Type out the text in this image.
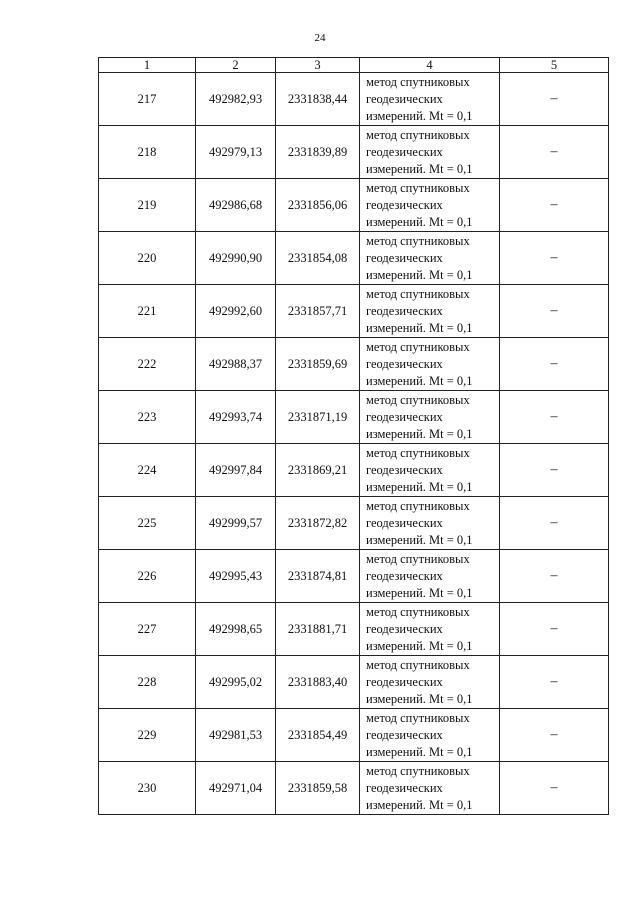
24
1	2	3	4	5
217	492982,93	2331838,44	метод спутниковых
геодезических
измерений. Mt = 0,1	–
218	492979,13	2331839,89	метод спутниковых
геодезических
измерений. Mt = 0,1	–
219	492986,68	2331856,06	метод спутниковых
геодезических
измерений. Mt = 0,1	–
220	492990,90	2331854,08	метод спутниковых
геодезических
измерений. Mt = 0,1	–
221	492992,60	2331857,71	метод спутниковых
геодезических
измерений. Mt = 0,1	–
222	492988,37	2331859,69	метод спутниковых
геодезических
измерений. Mt = 0,1	–
223	492993,74	2331871,19	метод спутниковых
геодезических
измерений. Mt = 0,1	–
224	492997,84	2331869,21	метод спутниковых
геодезических
измерений. Mt = 0,1	–
225	492999,57	2331872,82	метод спутниковых
геодезических
измерений. Mt = 0,1	–
226	492995,43	2331874,81	метод спутниковых
геодезических
измерений. Mt = 0,1	–
227	492998,65	2331881,71	метод спутниковых
геодезических
измерений. Mt = 0,1	–
228	492995,02	2331883,40	метод спутниковых
геодезических
измерений. Mt = 0,1	–
229	492981,53	2331854,49	метод спутниковых
геодезических
измерений. Mt = 0,1	–
230	492971,04	2331859,58	метод спутниковых
геодезических
измерений. Mt = 0,1	–
